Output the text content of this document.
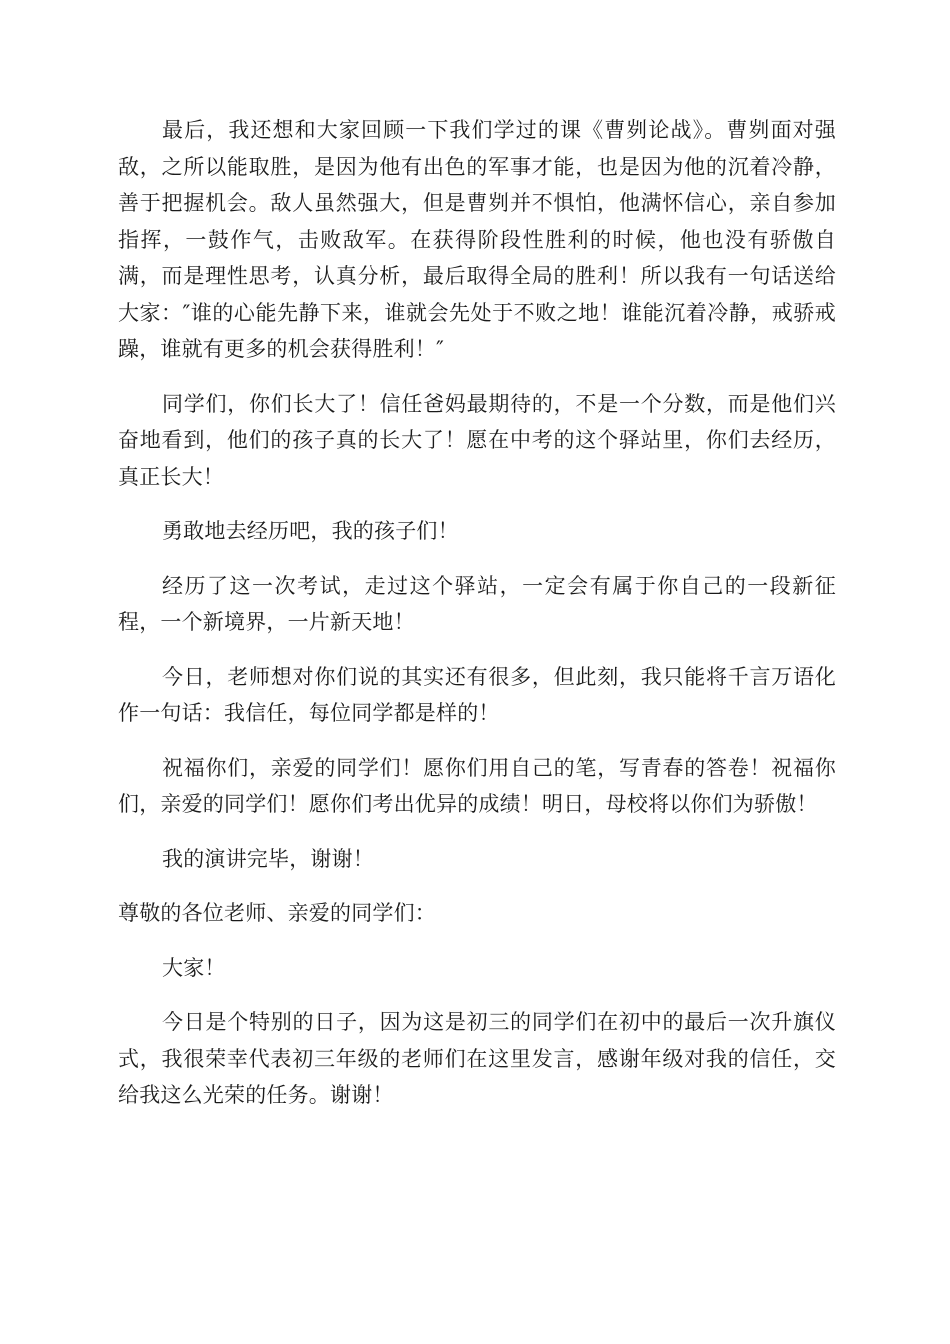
最后，我还想和大家回顾一下我们学过的课《曹刿论战》。曹刿面对强敌，之所以能取胜，是因为他有出色的军事才能，也是因为他的沉着冷静，善于把握机会。敌人虽然强大，但是曹刿并不惧怕，他满怀信心，亲自参加指挥，一鼓作气，击败敌军。在获得阶段性胜利的时候，他也没有骄傲自满，而是理性思考，认真分析，最后取得全局的胜利！所以我有一句话送给大家：″谁的心能先静下来，谁就会先处于不败之地！谁能沉着冷静，戒骄戒躁，谁就有更多的机会获得胜利！″

同学们，你们长大了！信任爸妈最期待的，不是一个分数，而是他们兴奋地看到，他们的孩子真的长大了！愿在中考的这个驿站里，你们去经历，真正长大！

勇敢地去经历吧，我的孩子们！

经历了这一次考试，走过这个驿站，一定会有属于你自己的一段新征程，一个新境界，一片新天地！

今日，老师想对你们说的其实还有很多，但此刻，我只能将千言万语化作一句话：我信任，每位同学都是样的！

祝福你们，亲爱的同学们！愿你们用自己的笔，写青春的答卷！祝福你们，亲爱的同学们！愿你们考出优异的成绩！明日，母校将以你们为骄傲！

我的演讲完毕，谢谢！

尊敬的各位老师、亲爱的同学们：

大家！

今日是个特别的日子，因为这是初三的同学们在初中的最后一次升旗仪式，我很荣幸代表初三年级的老师们在这里发言，感谢年级对我的信任，交给我这么光荣的任务。谢谢！
